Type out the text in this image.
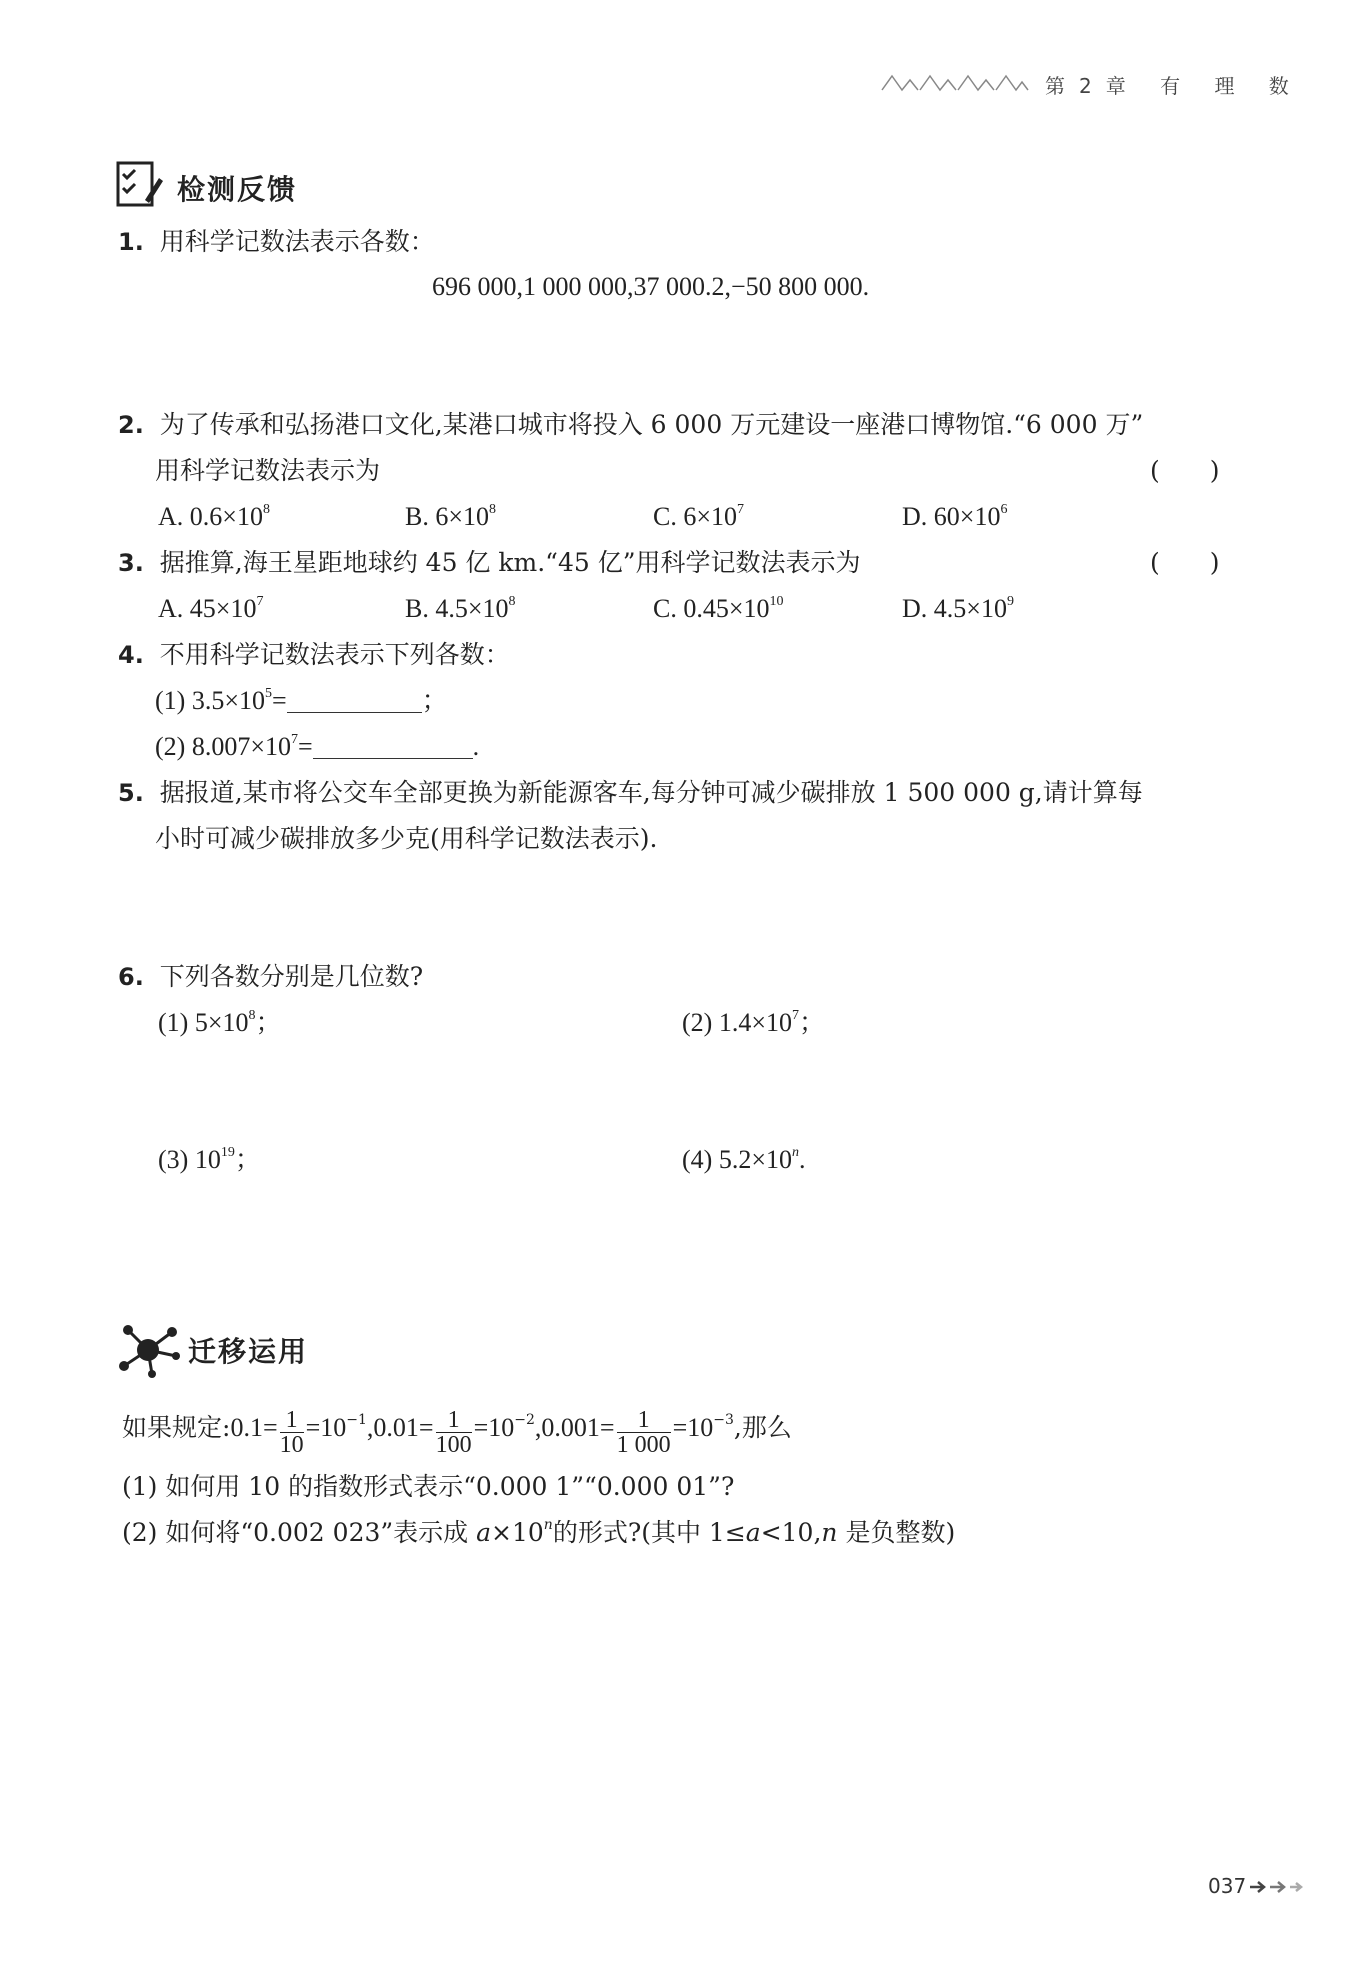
第2章 有 理 数
检测反馈
1. 用科学记数法表示各数：
696 000,1 000 000,37 000.2,−50 800 000.
2. 为了传承和弘扬港口文化,某港口城市将投入 6 000 万元建设一座港口博物馆.“6 000 万”
用科学记数法表示为	(　　)
A. $0.6\times 10^8$	B. $6\times 10^8$	C. $6\times 10^7$	D. $60\times 10^6$
3. 据推算,海王星距地球约 45 亿 km.“45 亿”用科学记数法表示为	(　　)
A. $45\times 10^7$	B. $4.5\times 10^8$	C. $0.45\times 10^{10}$	D. $4.5\times 10^9$
4. 不用科学记数法表示下列各数：
(1) $3.5\times 10^5=$	；
(2) $8.007\times 10^7=$	.
5. 据报道,某市将公交车全部更换为新能源客车,每分钟可减少碳排放 1 500 000 g,请计算每
小时可减少碳排放多少克(用科学记数法表示).
6. 下列各数分别是几位数?
(1) $5\times 10^8$；	(2) $1.4\times 10^7$；
(3) $10^{19}$；	(4) $5.2\times 10^n$.
迁移运用
如果规定:0.1= $\frac{1}{10} =10^{-1},0.01= \frac{1}{100} =10^{-2},0.001= \frac{1}{1 000} =10^{-3}$,那么
(1) 如何用 10 的指数形式表示“0.000 1”“0.000 01”?
(2) 如何将“0.002 023”表示成 $a\times 10^n$的形式?(其中 1≤a<10,n 是负整数)
037
